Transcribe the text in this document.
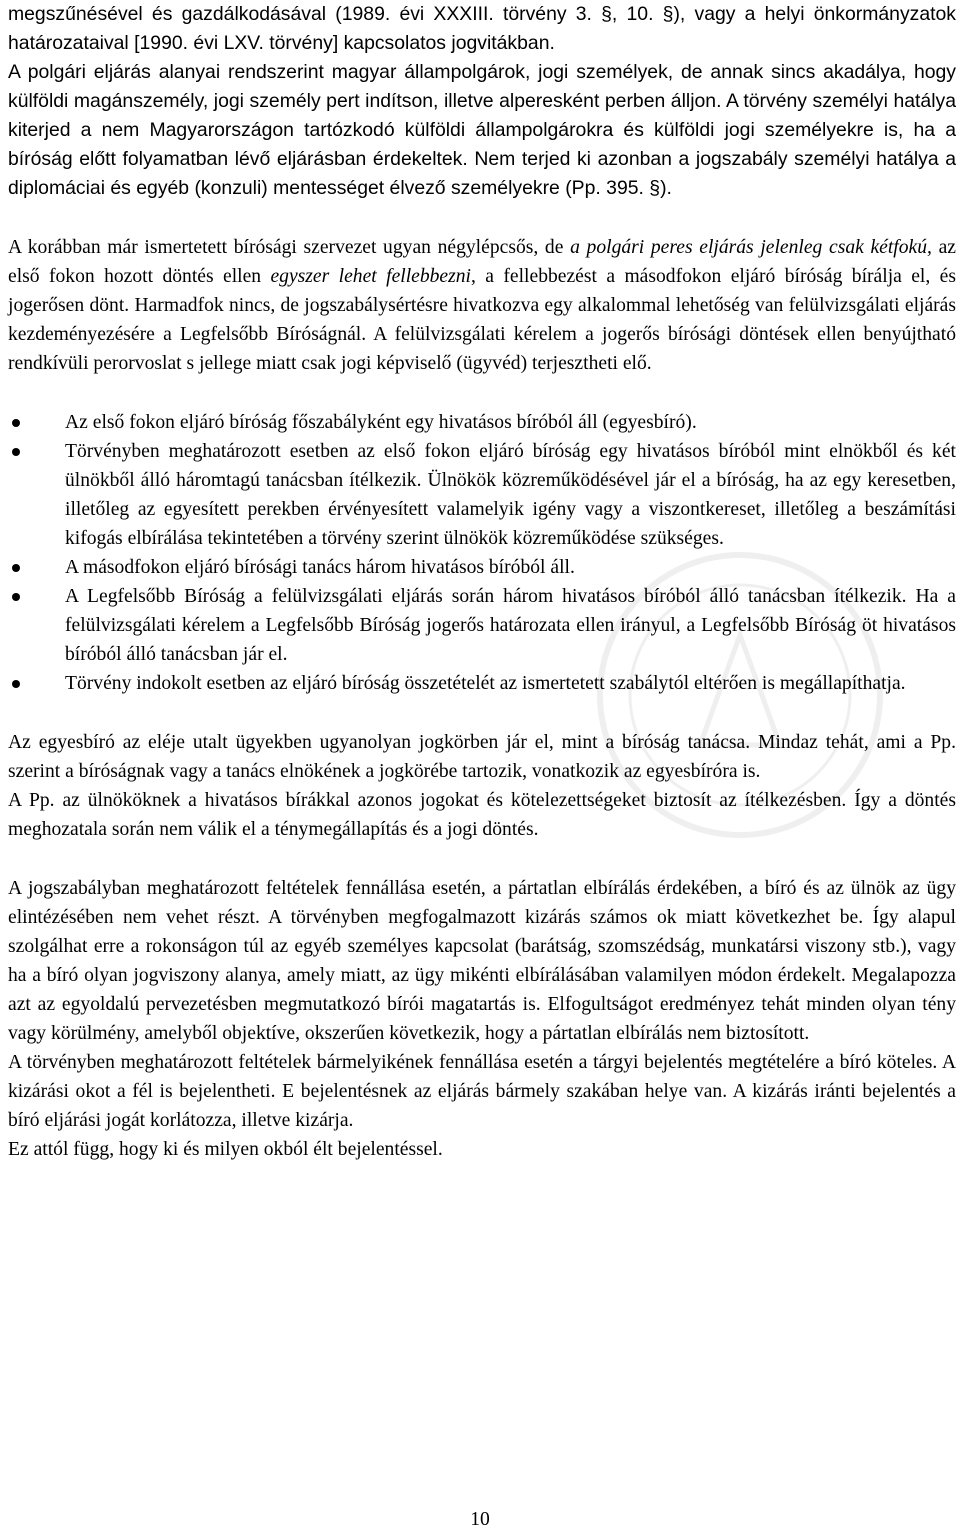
megszűnésével és gazdálkodásával (1989. évi XXXIII. törvény 3. §, 10. §), vagy a helyi önkormányzatok határozataival [1990. évi LXV. törvény] kapcsolatos jogvitákban.
A polgári eljárás alanyai rendszerint magyar állampolgárok, jogi személyek, de annak sincs akadálya, hogy külföldi magánszemély, jogi személy pert indítson, illetve alperesként perben álljon. A törvény személyi hatálya kiterjed a nem Magyarországon tartózkodó külföldi állampolgárokra és külföldi jogi személyekre is, ha a bíróság előtt folyamatban lévő eljárásban érdekeltek. Nem terjed ki azonban a jogszabály személyi hatálya a diplomáciai és egyéb (konzuli) mentességet élvező személyekre (Pp. 395. §).

A korábban már ismertetett bírósági szervezet ugyan négylépcsős, de a polgári peres eljárás jelenleg csak kétfokú, az első fokon hozott döntés ellen egyszer lehet fellebbezni, a fellebbezést a másodfokon eljáró bíróság bírálja el, és jogerősen dönt. Harmadfok nincs, de jogszabálysértésre hivatkozva egy alkalommal lehetőség van felülvizsgálati eljárás kezdeményezésére a Legfelsőbb Bíróságnál. A felülvizsgálati kérelem a jogerős bírósági döntések ellen benyújtható rendkívüli perorvoslat s jellege miatt csak jogi képviselő (ügyvéd) terjesztheti elő.

Az első fokon eljáró bíróság főszabályként egy hivatásos bíróból áll (egyesbíró).
Törvényben meghatározott esetben az első fokon eljáró bíróság egy hivatásos bíróból mint elnökből és két ülnökből álló háromtagú tanácsban ítélkezik. Ülnökök közreműködésével jár el a bíróság, ha az egy keresetben, illetőleg az egyesített perekben érvényesített valamelyik igény vagy a viszontkereset, illetőleg a beszámítási kifogás elbírálása tekintetében a törvény szerint ülnökök közreműködése szükséges.
A másodfokon eljáró bírósági tanács három hivatásos bíróból áll.
A Legfelsőbb Bíróság a felülvizsgálati eljárás során három hivatásos bíróból álló tanácsban ítélkezik. Ha a felülvizsgálati kérelem a Legfelsőbb Bíróság jogerős határozata ellen irányul, a Legfelsőbb Bíróság öt hivatásos bíróból álló tanácsban jár el.
Törvény indokolt esetben az eljáró bíróság összetételét az ismertetett szabálytól eltérően is megállapíthatja.

Az egyesbíró az eléje utalt ügyekben ugyanolyan jogkörben jár el, mint a bíróság tanácsa. Mindaz tehát, ami a Pp. szerint a bíróságnak vagy a tanács elnökének a jogkörébe tartozik, vonatkozik az egyesbíróra is.
A Pp. az ülnököknek a hivatásos bírákkal azonos jogokat és kötelezettségeket biztosít az ítélkezésben. Így a döntés meghozatala során nem válik el a ténymegállapítás és a jogi döntés.

A jogszabályban meghatározott feltételek fennállása esetén, a pártatlan elbírálás érdekében, a bíró és az ülnök az ügy elintézésében nem vehet részt. A törvényben megfogalmazott kizárás számos ok miatt következhet be. Így alapul szolgálhat erre a rokonságon túl az egyéb személyes kapcsolat (barátság, szomszédság, munkatársi viszony stb.), vagy ha a bíró olyan jogviszony alanya, amely miatt, az ügy mikénti elbírálásában valamilyen módon érdekelt. Megalapozza azt az egyoldalú pervezetésben megmutatkozó bírói magatartás is. Elfogultságot eredményez tehát minden olyan tény vagy körülmény, amelyből objektíve, okszerűen következik, hogy a pártatlan elbírálás nem biztosított.
A törvényben meghatározott feltételek bármelyikének fennállása esetén a tárgyi bejelentés megtételére a bíró köteles. A kizárási okot a fél is bejelentheti. E bejelentésnek az eljárás bármely szakában helye van. A kizárás iránti bejelentés a bíró eljárási jogát korlátozza, illetve kizárja.
Ez attól függ, hogy ki és milyen okból élt bejelentéssel.

10
